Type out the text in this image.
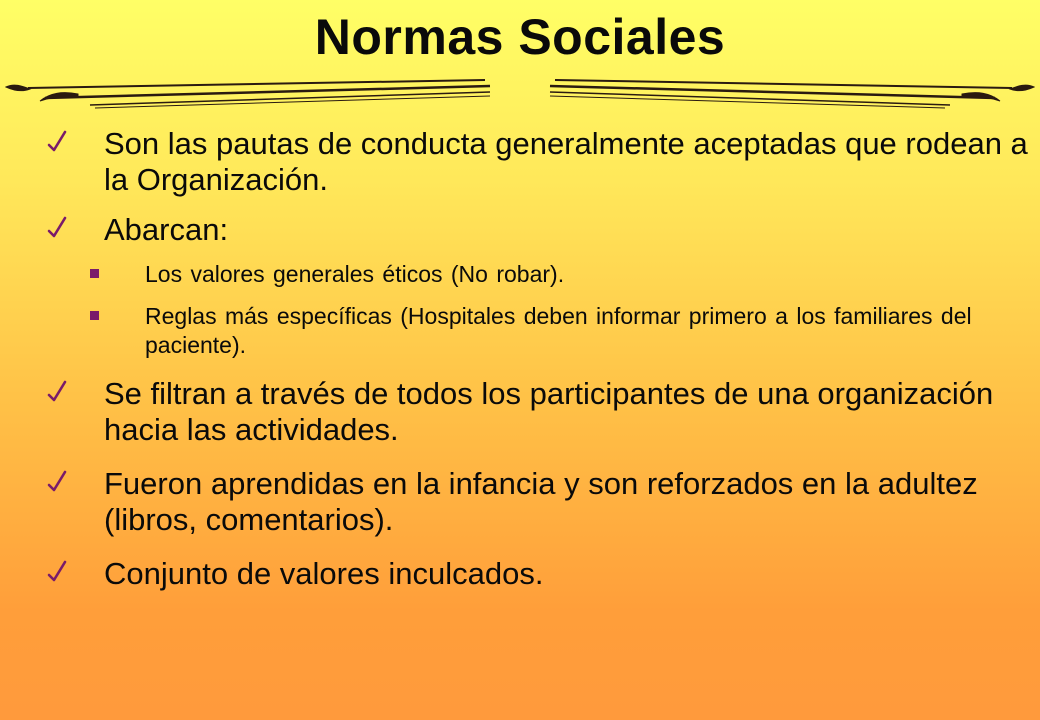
Normas Sociales
Son las pautas de conducta generalmente aceptadas que rodean a la Organización.
Abarcan:
Los valores generales éticos (No robar).
Reglas más específicas (Hospitales deben informar primero a los familiares del paciente).
Se filtran a través de todos los participantes de una organización hacia las actividades.
Fueron aprendidas en la infancia y son reforzados en la adultez (libros, comentarios).
Conjunto de valores inculcados.
